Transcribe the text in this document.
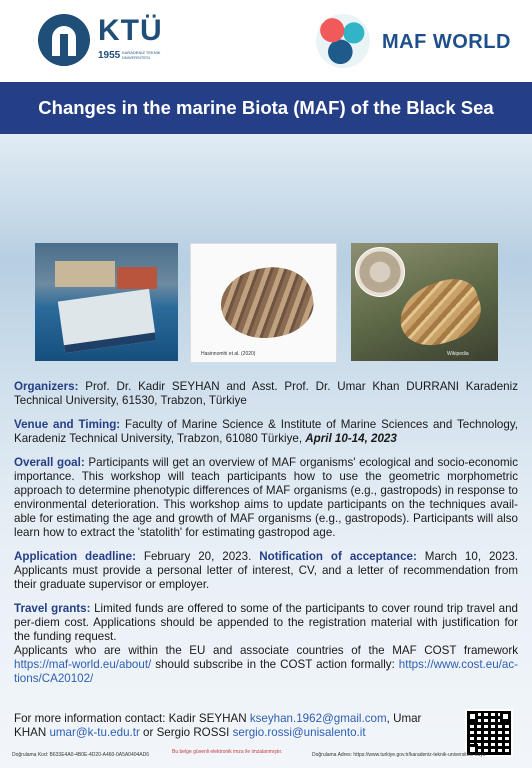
KTÜ
1955 KARADENİZ TEKNİK ÜNİVERSİTESİ
MAF WORLD
Changes in the marine Biota (MAF) of the Black Sea
Hasinnomhi et al. (2020)	Wikipedia

Organizers: Prof. Dr. Kadir SEYHAN and Asst. Prof. Dr. Umar Khan DURRANI Karadeniz Technical University, 61530, Trabzon, Türkiye

Venue and Timing: Faculty of Marine Science & Institute of Marine Sciences and Technology, Karadeniz Technical University, Trabzon, 61080 Türkiye, April 10-14, 2023

Overall goal: Participants will get an overview of MAF organisms' ecological and socio-economic importance. This workshop will teach participants how to use the geometric morphometric approach to determine phenotypic differences of MAF organisms (e.g., gastropods) in response to environmental deterioration. This workshop aims to update participants on the techniques avail-able for estimating the age and growth of MAF organisms (e.g., gastropods). Participants will also learn how to extract the 'statolith' for estimating gastropod age.

Application deadline: February 20, 2023. Notification of acceptance: March 10, 2023. Applicants must provide a personal letter of interest, CV, and a letter of recommendation from their graduate supervisor or employer.

Travel grants: Limited funds are offered to some of the participants to cover round trip travel and per-diem cost. Applications should be appended to the registration material with justification for the funding request.
Applicants who are within the EU and associate countries of the MAF COST framework https://maf-world.eu/about/ should subscribe in the COST action formally: https://www.cost.eu/ac-tions/CA20102/

For more information contact: Kadir SEYHAN kseyhan.1962@gmail.com, Umar KHAN umar@k-tu.edu.tr or Sergio ROSSI sergio.rossi@unisalento.it
Doğrulama Kod: B633E4A0-4B0E-4D20-A460-0A5A0404AD6	Bu belge güvenli elektronik imza ile imzalanmıştır.	Doğrulama Adres: https://www.turkiye.gov.tr/karadeniz-teknik-universitesi-ebys
